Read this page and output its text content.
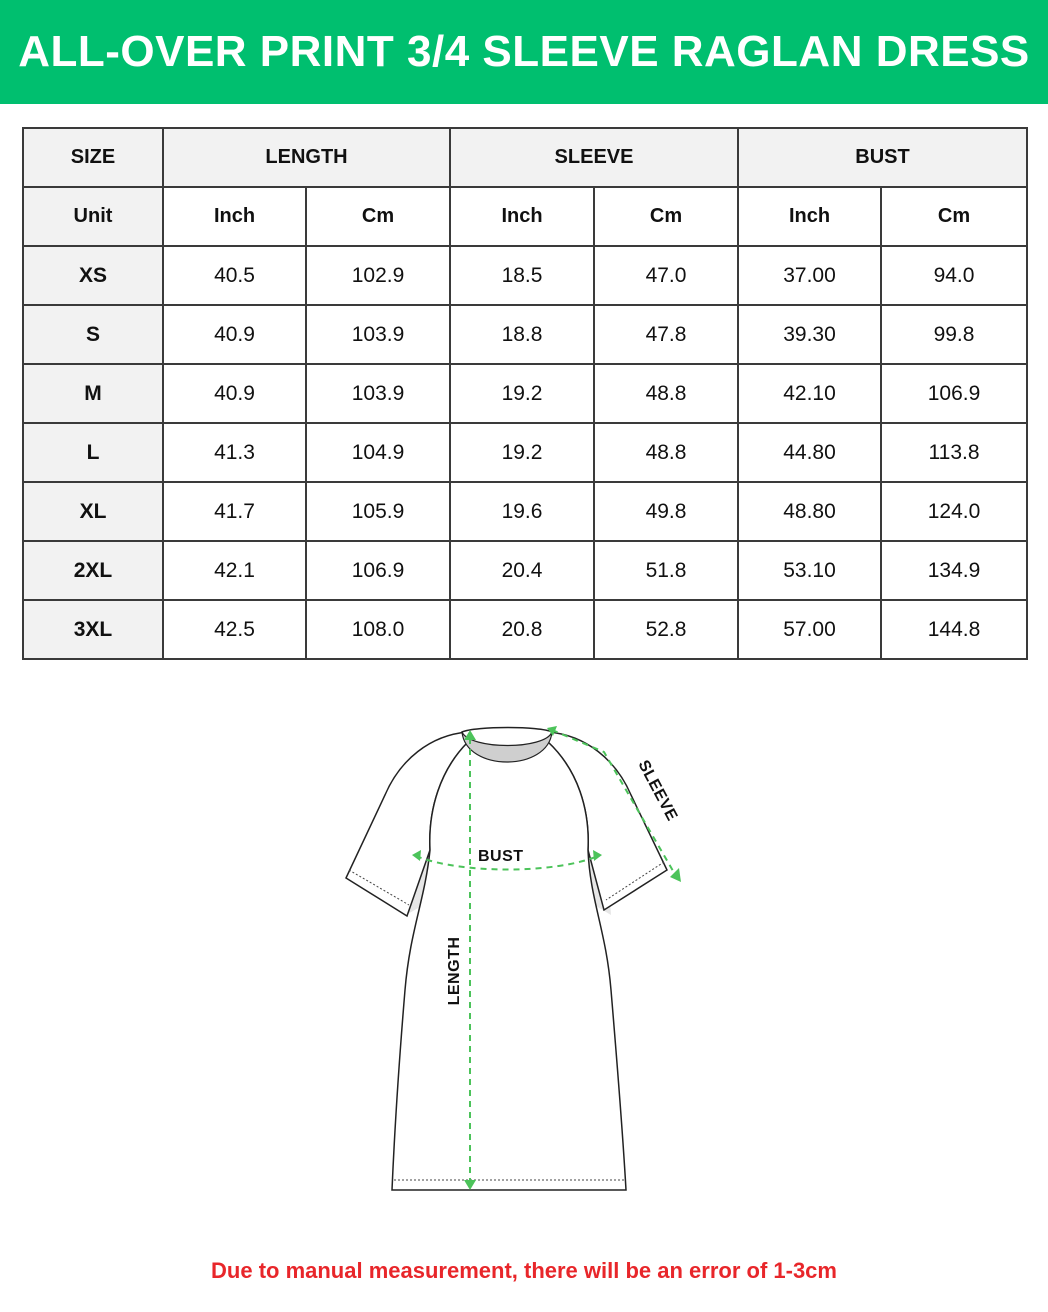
ALL-OVER PRINT 3/4 SLEEVE RAGLAN DRESS
SIZE	LENGTH		SLEEVE		BUST	
Unit	Inch	Cm	Inch	Cm	Inch	Cm
XS	40.5	102.9	18.5	47.0	37.00	94.0
S	40.9	103.9	18.8	47.8	39.30	99.8
M	40.9	103.9	19.2	48.8	42.10	106.9
L	41.3	104.9	19.2	48.8	44.80	113.8
XL	41.7	105.9	19.6	49.8	48.80	124.0
2XL	42.1	106.9	20.4	51.8	53.10	134.9
3XL	42.5	108.0	20.8	52.8	57.00	144.8
BUST
LENGTH
SLEEVE
Due to manual measurement, there will be an error of 1-3cm
